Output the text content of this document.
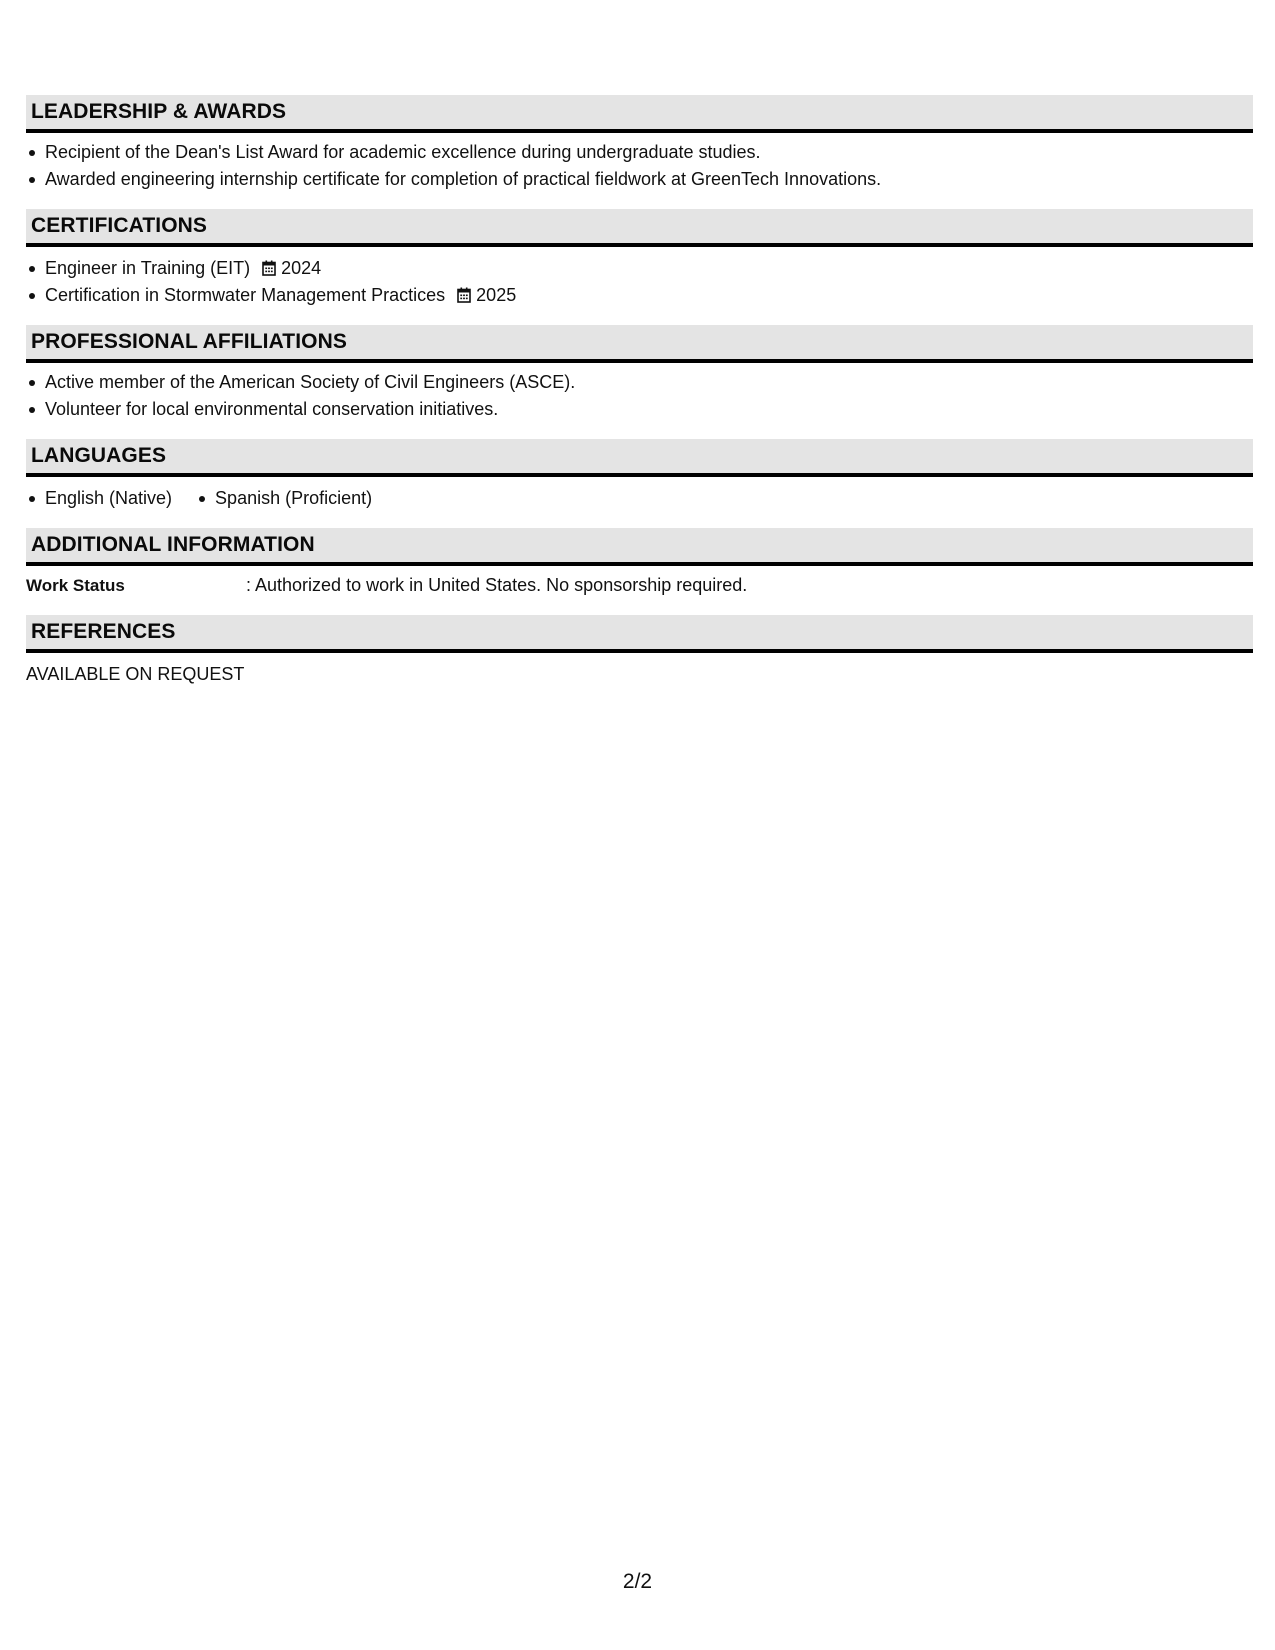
LEADERSHIP & AWARDS
Recipient of the Dean's List Award for academic excellence during undergraduate studies.
Awarded engineering internship certificate for completion of practical fieldwork at GreenTech Innovations.
CERTIFICATIONS
Engineer in Training (EIT) 2024
Certification in Stormwater Management Practices 2025
PROFESSIONAL AFFILIATIONS
Active member of the American Society of Civil Engineers (ASCE).
Volunteer for local environmental conservation initiatives.
LANGUAGES
English (Native)	Spanish (Proficient)
ADDITIONAL INFORMATION
Work Status	: Authorized to work in United States. No sponsorship required.
REFERENCES
AVAILABLE ON REQUEST
2/2
